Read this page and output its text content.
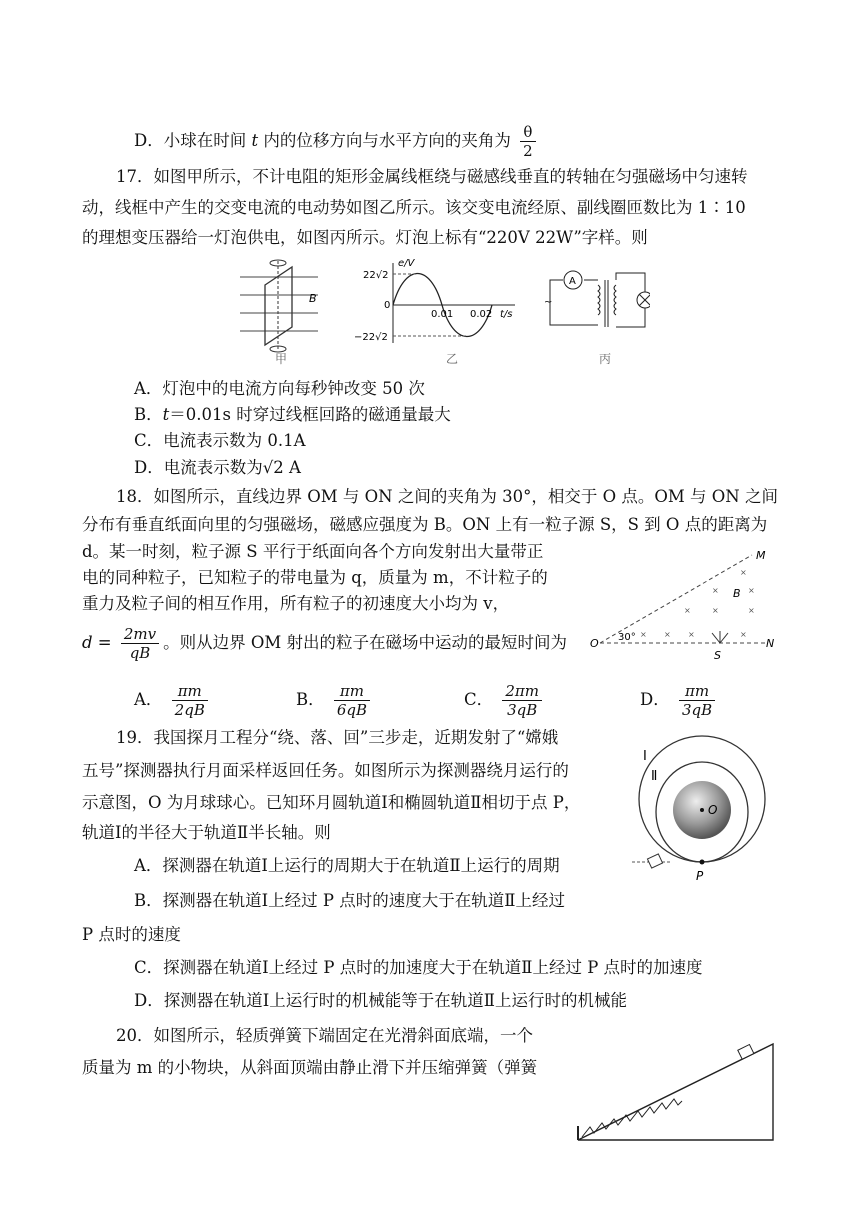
D．小球在时间 t 内的位移方向与水平方向的夹角为 $\frac{\theta}{2}$
17．如图甲所示，不计电阻的矩形金属线框绕与磁感线垂直的转轴在匀强磁场中匀速转
动，线框中产生的交变电流的电动势如图乙所示。该交变电流经原、副线圈匝数比为 1∶10
的理想变压器给一灯泡供电，如图丙所示。灯泡上标有“220V 22W”字样。则
B
甲
e/V
t/s
22√2
−22√2
0
0.01 0.02
乙
A
~
丙
A．灯泡中的电流方向每秒钟改变 50 次
B．t＝0.01s 时穿过线框回路的磁通量最大
C．电流表示数为 0.1A
D．电流表示数为√2 A
18．如图所示，直线边界 OM 与 ON 之间的夹角为 30°，相交于 O 点。OM 与 ON 之间
分布有垂直纸面向里的匀强磁场，磁感应强度为 B。ON 上有一粒子源 S，S 到 O 点的距离为
d。某一时刻，粒子源 S 平行于纸面向各个方向发射出大量带正
电的同种粒子，已知粒子的带电量为 q，质量为 m，不计粒子的
重力及粒子间的相互作用，所有粒子的初速度大小均为 v，
$d = \frac{2mv}{qB}$ 。则从边界 OM 射出的粒子在磁场中运动的最短时间为
M
N
O 30°
B
S
×
×	×
×	×	×
× × ×	×
A． $\frac{\pi m}{2qB}$	B． $\frac{\pi m}{6qB}$	C． $\frac{2\pi m}{3qB}$	D． $\frac{\pi m}{3qB}$
19．我国探月工程分“绕、落、回”三步走，近期发射了“嫦娥
五号”探测器执行月面采样返回任务。如图所示为探测器绕月运行的
示意图，O 为月球球心。已知环月圆轨道Ⅰ和椭圆轨道Ⅱ相切于点 P，
轨道Ⅰ的半径大于轨道Ⅱ半长轴。则
A．探测器在轨道Ⅰ上运行的周期大于在轨道Ⅱ上运行的周期
B．探测器在轨道Ⅰ上经过 P 点时的速度大于在轨道Ⅱ上经过
P 点时的速度
C．探测器在轨道Ⅰ上经过 P 点时的加速度大于在轨道Ⅱ上经过 P 点时的加速度
D．探测器在轨道Ⅰ上运行时的机械能等于在轨道Ⅱ上运行时的机械能
O
Ⅰ
Ⅱ
P
20．如图所示，轻质弹簧下端固定在光滑斜面底端，一个
质量为 m 的小物块，从斜面顶端由静止滑下并压缩弹簧（弹簧
